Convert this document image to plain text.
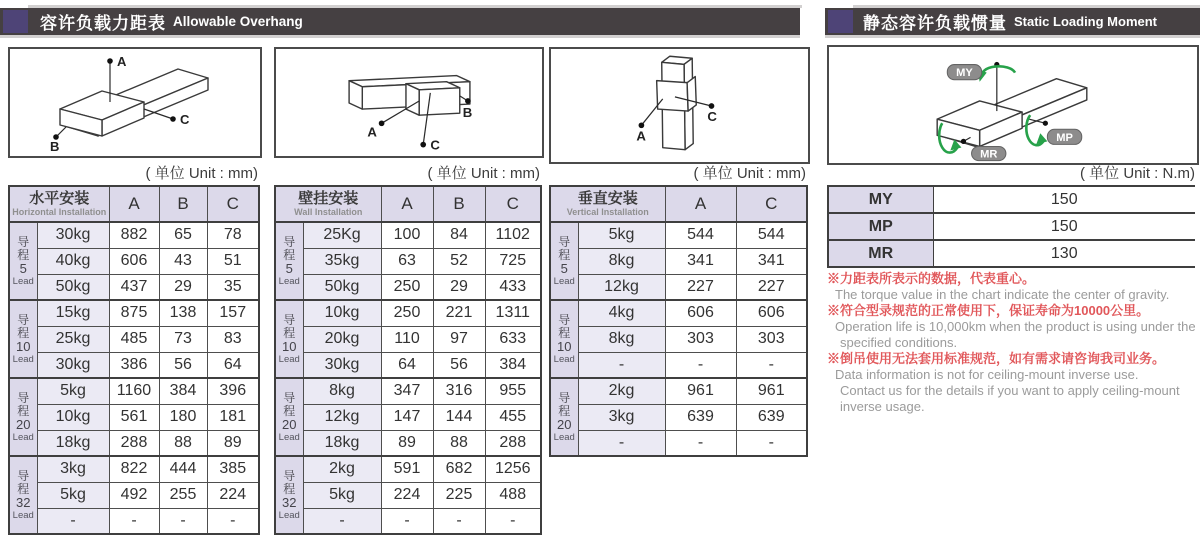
容许负载力距表 Allowable Overhang	静态容许负载惯量 Static Loading Moment
A
B
C
A
B
C
A
C
MY
MP
MR
( 单位 Unit : mm)	( 单位 Unit : mm)	( 单位 Unit : mm)	( 单位 Unit : N.m)
水平安装
Horizontal Installation		A	B	C

导
程
5
Lead	30kg	882	65	78
	40kg	606	43	51
	50kg	437	29	35

导
程
10
Lead	15kg	875	138	157
	25kg	485	73	83
	30kg	386	56	64

导
程
20
Lead	5kg	1160	384	396
	10kg	561	180	181
	18kg	288	88	89

导
程
32
Lead	3kg	822	444	385
	5kg	492	255	224
	-	-	-	-
壁挂安装
Wall Installation		A	B	C

导
程
5
Lead	25Kg	100	84	1102
	35kg	63	52	725
	50kg	250	29	433

导
程
10
Lead	10kg	250	221	1311
	20kg	110	97	633
	30kg	64	56	384

导
程
20
Lead	8kg	347	316	955
	12kg	147	144	455
	18kg	89	88	288

导
程
32
Lead	2kg	591	682	1256
	5kg	224	225	488
	-	-	-	-
垂直安装
Vertical Installation		A	C

导
程
5
Lead	5kg	544	544
	8kg	341	341
	12kg	227	227

导
程
10
Lead	4kg	606	606
	8kg	303	303
	-	-	-

导
程
20
Lead	2kg	961	961
	3kg	639	639
	-	-	-
MY	150
MP	150
MR	130
※力距表所表示的数据，代表重心。
The torque value in the chart indicate the center of gravity.
※符合型录规范的正常使用下，保证寿命为10000公里。
Operation life is 10,000km when the product is using under the
specified conditions.
※倒吊使用无法套用标准规范，如有需求请咨询我司业务。
Data information is not for ceiling-mount inverse use.
Contact us for the details if you want to apply ceiling-mount
inverse usage.
